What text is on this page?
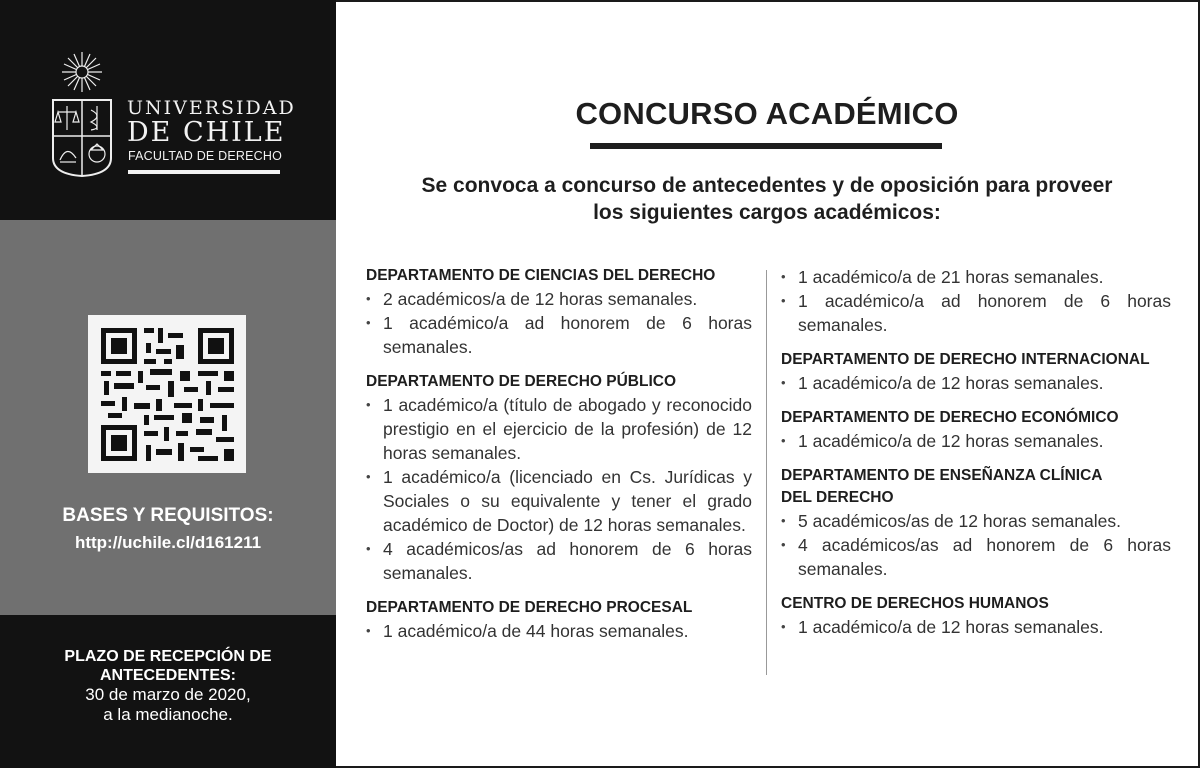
UNIVERSIDAD
DE CHILE
FACULTAD DE DERECHO
BASES Y REQUISITOS:
http://uchile.cl/d161211
PLAZO DE RECEPCIÓN DE ANTECEDENTES:
30 de marzo de 2020,
a la medianoche.
CONCURSO ACADÉMICO
Se convoca a concurso de antecedentes y de oposición para proveer
los siguientes cargos académicos:
DEPARTAMENTO DE CIENCIAS DEL DERECHO
• 2 académicos/a de 12 horas semanales.
• 1 académico/a ad honorem de 6 horas semanales.
DEPARTAMENTO DE DERECHO PÚBLICO
• 1 académico/a (título de abogado y reconocido prestigio en el ejercicio de la profesión) de 12 horas semanales.
• 1 académico/a (licenciado en Cs. Jurídicas y Sociales o su equivalente y tener el grado académico de Doctor) de 12 horas semanales.
• 4 académicos/as ad honorem de 6 horas semanales.
DEPARTAMENTO DE DERECHO PROCESAL
• 1 académico/a de 44 horas semanales.
• 1 académico/a de 21 horas semanales.
• 1 académico/a ad honorem de 6 horas semanales.
DEPARTAMENTO DE DERECHO INTERNACIONAL
• 1 académico/a de 12 horas semanales.
DEPARTAMENTO DE DERECHO ECONÓMICO
• 1 académico/a de 12 horas semanales.
DEPARTAMENTO DE ENSEÑANZA CLÍNICA DEL DERECHO
• 5 académicos/as de 12 horas semanales.
• 4 académicos/as ad honorem de 6 horas semanales.
CENTRO DE DERECHOS HUMANOS
• 1 académico/a de 12 horas semanales.
